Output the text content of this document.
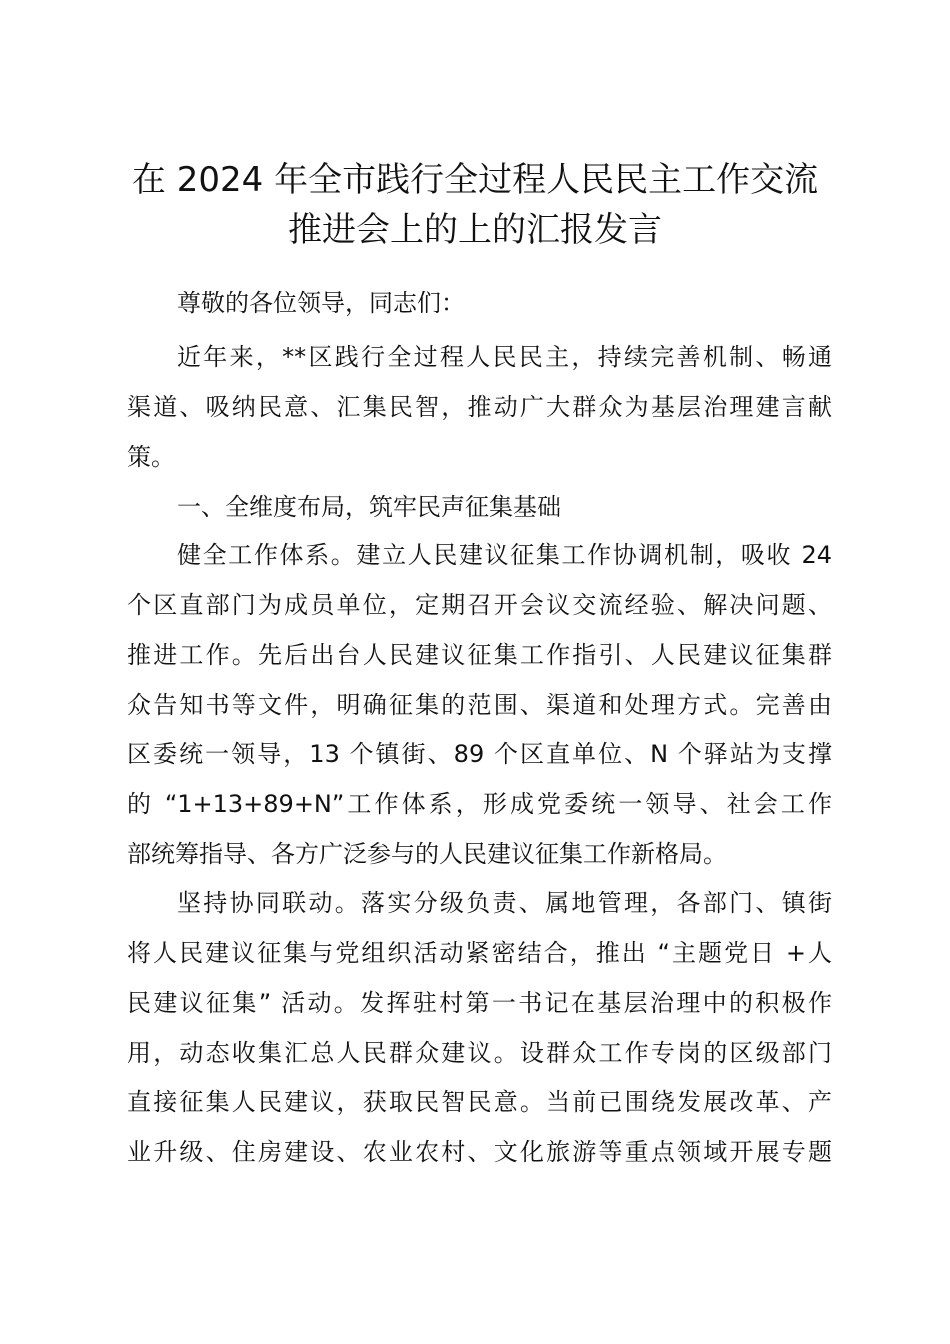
在 2024 年全市践行全过程人民民主工作交流
推进会上的上的汇报发言
尊敬的各位领导，同志们：
近年来，**区践行全过程人民民主，持续完善机制、畅通
渠道、吸纳民意、汇集民智，推动广大群众为基层治理建言献
策。
一、全维度布局，筑牢民声征集基础
健全工作体系。建立人民建议征集工作协调机制，吸收 24
个区直部门为成员单位，定期召开会议交流经验、解决问题、
推进工作。先后出台人民建议征集工作指引、人民建议征集群
众告知书等文件，明确征集的范围、渠道和处理方式。完善由
区委统一领导，13 个镇街、89 个区直单位、N 个驿站为支撑
的 “1+13+89+N”工作体系，形成党委统一领导、社会工作
部统筹指导、各方广泛参与的人民建议征集工作新格局。
坚持协同联动。落实分级负责、属地管理，各部门、镇街
将人民建议征集与党组织活动紧密结合，推出 “主题党日 +人
民建议征集” 活动。发挥驻村第一书记在基层治理中的积极作
用，动态收集汇总人民群众建议。设群众工作专岗的区级部门
直接征集人民建议，获取民智民意。当前已围绕发展改革、产
业升级、住房建设、农业农村、文化旅游等重点领域开展专题
